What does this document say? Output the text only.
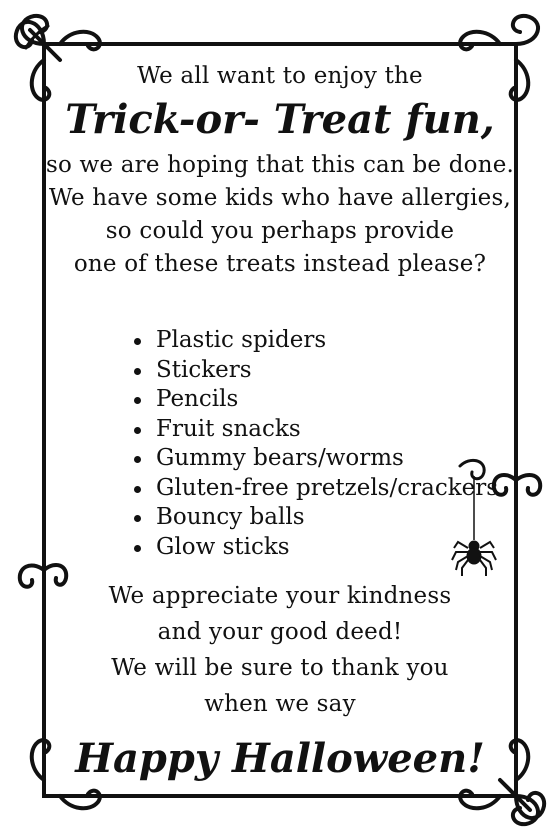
We all want to enjoy the
Trick-or- Treat fun,
so we are hoping that this can be done.
We have some kids who have allergies,
so could you perhaps provide
one of these treats instead please?
Plastic spiders
Stickers
Pencils
Fruit snacks
Gummy bears/worms
Gluten-free pretzels/crackers
Bouncy balls
Glow sticks
We appreciate your kindness
and your good deed!
We will be sure to thank you
when we say
Happy Halloween!
